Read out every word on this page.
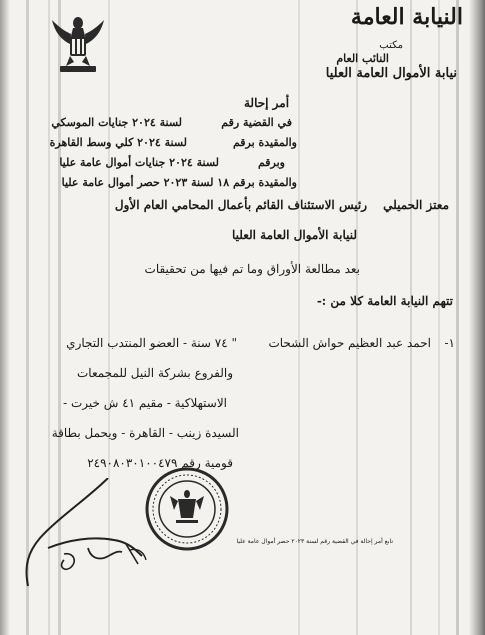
النيابة العامة
مكتب
النائب العام
نيابة الأموال العامة العليا
أمر إحالة
في القضية رقم
لسنة ٢٠٢٤ جنايات الموسكي
والمقيدة برقم
لسنة ٢٠٢٤ كلي وسط القاهرة
وبرقم
لسنة ٢٠٢٤ جنايات أموال عامة عليا
والمقيدة برقم ١٨ لسنة ٢٠٢٣ حصر أموال عامة عليا
معتز الحميلي
رئيس الاستئناف القائم بأعمال المحامي العام الأول
لنيابة الأموال العامة العليا
بعد مطالعة الأوراق وما تم فيها من تحقيقات
تتهم النيابة العامة كلا من :-
١-
احمد عبد العظيم حواش الشحات
" ٧٤ سنة - العضو المنتدب التجاري
والفروع بشركة النيل للمجمعات
الاستهلاكية - مقيم ٤١ ش خيرت -
السيدة زينب - القاهرة - ويحمل بطاقة
قومية رقم ٢٤٩٠٨٠٣٠١٠٠٤٧٩
تابع أمر إحالة في القضية رقم لسنة ٢٠٢٣ حصر أموال عامة عليا
